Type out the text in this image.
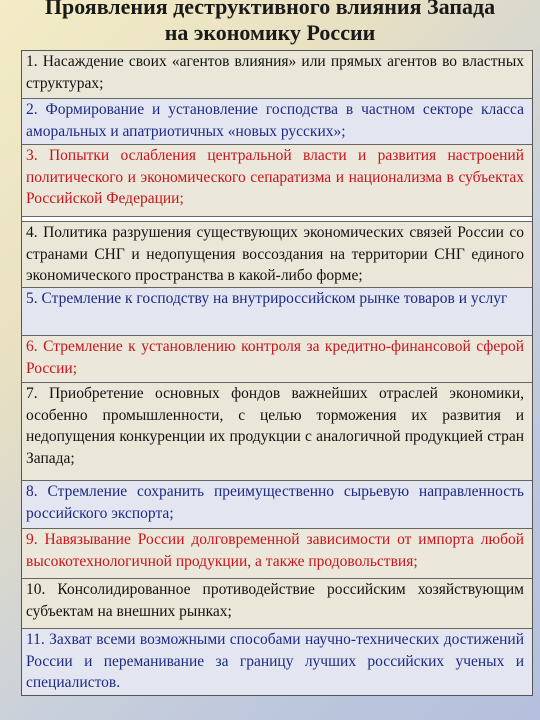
Проявления деструктивного влияния Запада
на экономику России
1. Насаждение своих «агентов влияния» или прямых агентов во властных структурах;
2. Формирование и установление господства в частном секторе класса аморальных и апатриотичных «новых русских»;
3. Попытки ослабления центральной власти и развития настроений политического и экономического сепаратизма и национализма в субъектах Российской Федерации;
4. Политика разрушения существующих экономических связей России со странами СНГ и недопущения воссоздания на территории СНГ единого экономического пространства в какой-либо форме;
5. Стремление к господству на внутрироссийском рынке товаров и услуг
6. Стремление к установлению контроля за кредитно-финансовой сферой России;
7. Приобретение основных фондов важнейших отраслей экономики, особенно промышленности, с целью торможения их развития и недопущения конкуренции их продукции с аналогичной продукцией стран Запада;
8. Стремление сохранить преимущественно сырьевую направленность российского экспорта;
9. Навязывание России долговременной зависимости от импорта любой высокотехнологичной продукции, а также продовольствия;
10. Консолидированное противодействие российским хозяйствующим субъектам на внешних рынках;
11. Захват всеми возможными способами научно-технических достижений России и переманивание за границу лучших российских ученых и специалистов.
